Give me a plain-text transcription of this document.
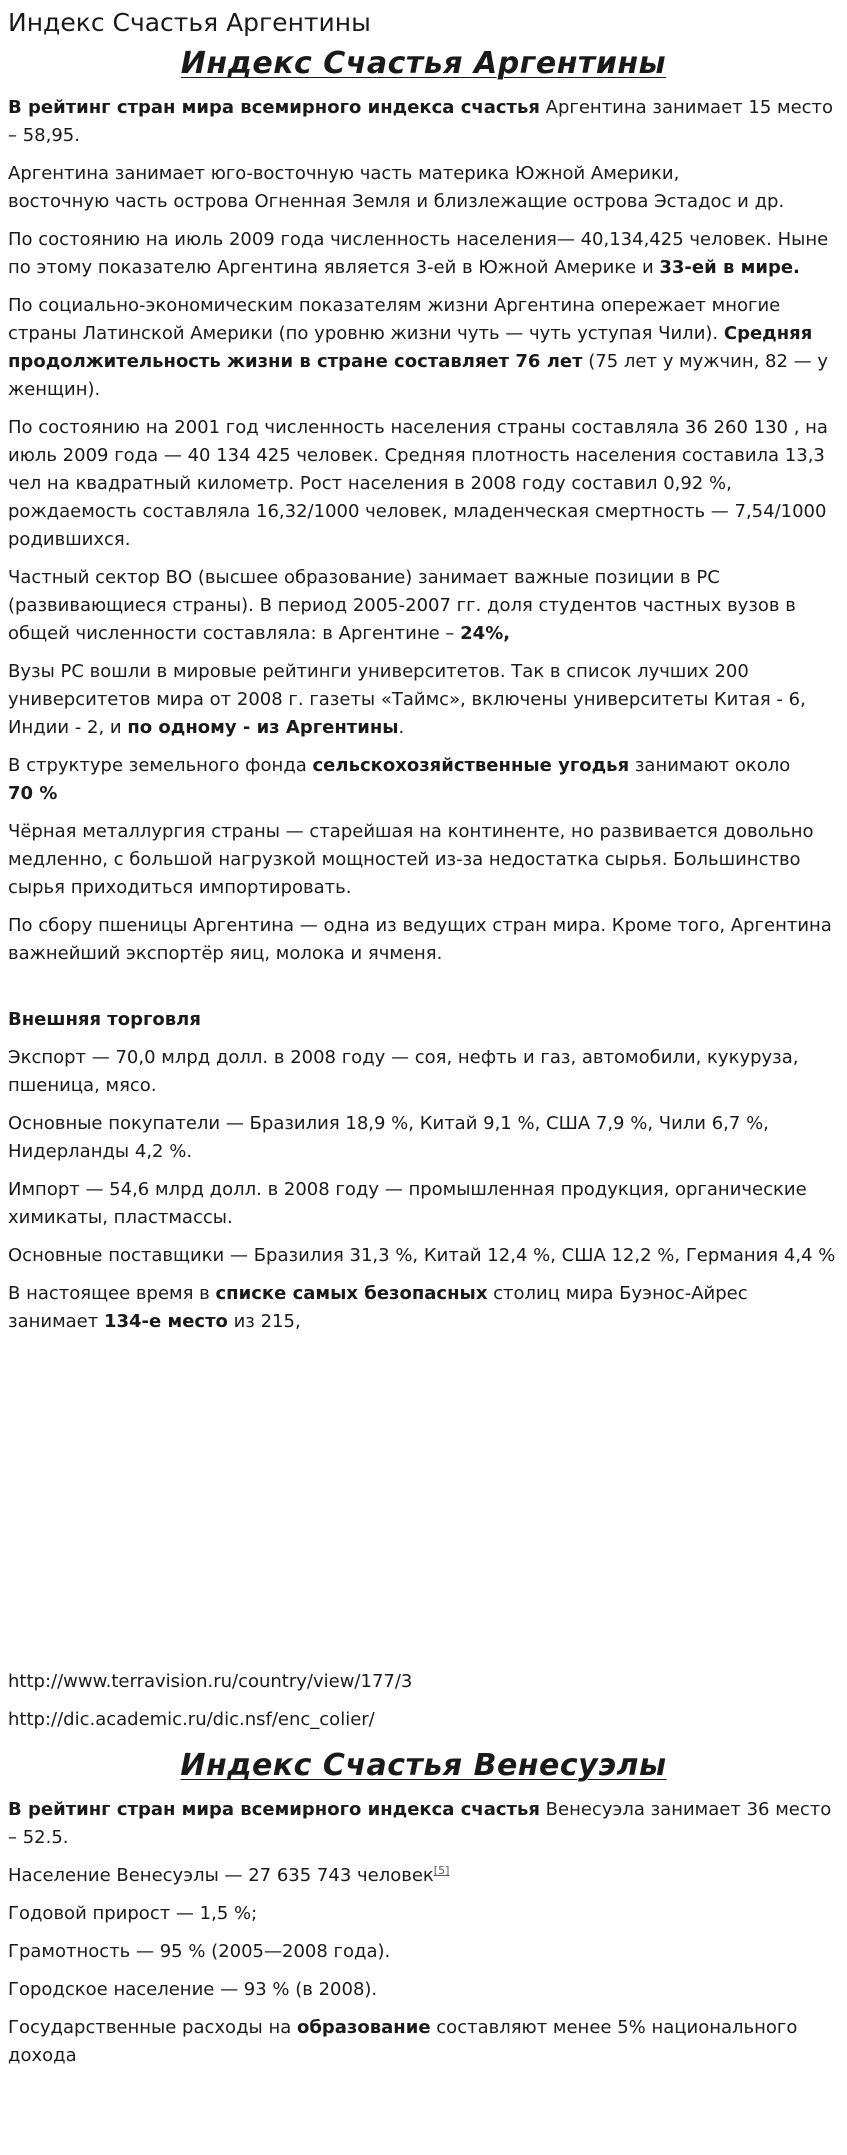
Индекс Счастья Аргентины
Индекс Счастья Аргентины

В рейтинг стран мира всемирного индекса счастья Аргентина занимает 15 место – 58,95.

Аргентина занимает юго-восточную часть материка Южной Америки,
восточную часть острова Огненная Земля и близлежащие острова Эстадос и др.

По состоянию на июль 2009 года численность населения— 40,134,425 человек. Ныне по этому показателю Аргентина является 3-ей в Южной Америке и 33-ей в мире.

По социально-экономическим показателям жизни Аргентина опережает многие страны Латинской Америки (по уровню жизни чуть — чуть уступая Чили). Средняя продолжительность жизни в стране составляет 76 лет (75 лет у мужчин, 82 — у женщин).

По состоянию на 2001 год численность населения страны составляла 36 260 130 , на июль 2009 года — 40 134 425 человек. Средняя плотность населения составила 13,3 чел на квадратный километр. Рост населения в 2008 году составил 0,92 %, рождаемость составляла 16,32/1000 человек, младенческая смертность — 7,54/1000 родившихся.

Частный сектор ВО (высшее образование) занимает важные позиции в РС (развивающиеся страны). В период 2005-2007 гг. доля студентов частных вузов в общей численности составляла: в Аргентине – 24%,

Вузы РС вошли в мировые рейтинги университетов. Так в список лучших 200 университетов мира от 2008 г. газеты «Таймс», включены университеты Китая - 6, Индии - 2, и по одному - из Аргентины.

В структуре земельного фонда сельскохозяйственные угодья занимают около
70 %

Чёрная металлургия страны — старейшая на континенте, но развивается довольно медленно, с большой нагрузкой мощностей из-за недостатка сырья. Большинство сырья приходиться импортировать.

По сбору пшеницы Аргентина — одна из ведущих стран мира. Кроме того, Аргентина важнейший экспортёр яиц, молока и ячменя.

Внешняя торговля

Экспорт — 70,0 млрд долл. в 2008 году — соя, нефть и газ, автомобили, кукуруза, пшеница, мясо.

Основные покупатели — Бразилия 18,9 %, Китай 9,1 %, США 7,9 %, Чили 6,7 %, Нидерланды 4,2 %.

Импорт — 54,6 млрд долл. в 2008 году — промышленная продукция, органические химикаты, пластмассы.

Основные поставщики — Бразилия 31,3 %, Китай 12,4 %, США 12,2 %, Германия 4,4 %

В настоящее время в списке самых безопасных столиц мира Буэнос-Айрес занимает 134-е место из 215,

http://www.terravision.ru/country/view/177/3

http://dic.academic.ru/dic.nsf/enc_colier/

Индекс Счастья Венесуэлы

В рейтинг стран мира всемирного индекса счастья Венесуэла занимает 36 место – 52.5.

Население Венесуэлы — 27 635 743 человек[5]

Годовой прирост — 1,5 %;

Грамотность — 95 % (2005—2008 года).

Городское население — 93 % (в 2008).

Государственные расходы на образование составляют менее 5% национального дохода
